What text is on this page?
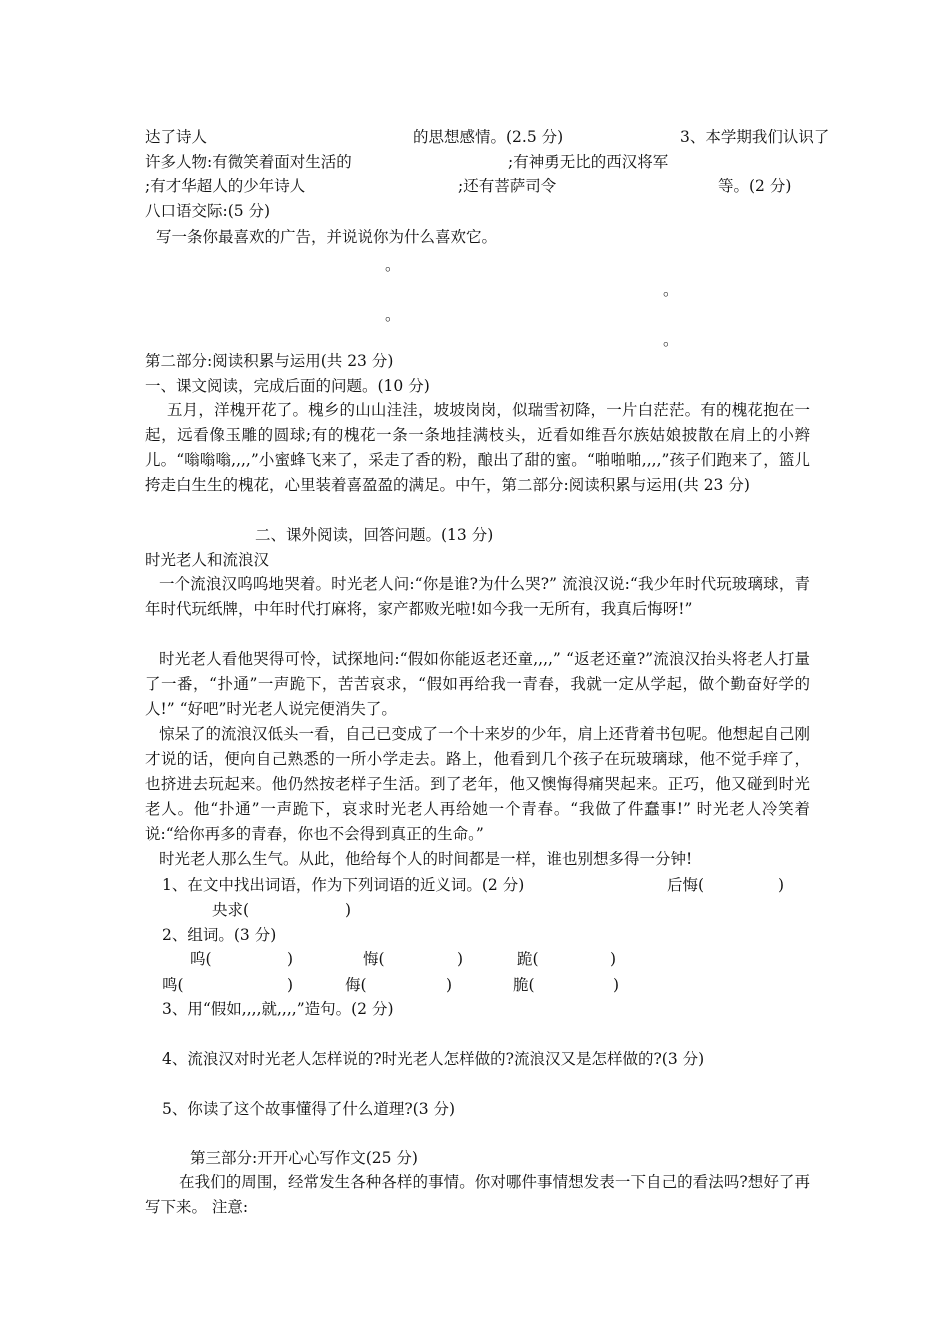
达了诗人	的思想感情。(2.5 分)	3、本学期我们认识了
许多人物:有微笑着面对生活的	;有神勇无比的西汉将军
;有才华超人的少年诗人	;还有菩萨司令	等。(2 分)
八口语交际:(5 分)
写一条你最喜欢的广告，并说说你为什么喜欢它。
。
。
。
。
第二部分:阅读积累与运用(共 23 分)
一、课文阅读，完成后面的问题。(10 分)
五月，洋槐开花了。槐乡的山山洼洼，坡坡岗岗，似瑞雪初降，一片白茫茫。有的槐花抱在一起，远看像玉雕的圆球;有的槐花一条一条地挂满枝头，近看如维吾尔族姑娘披散在肩上的小辫儿。“嗡嗡嗡,,,,”小蜜蜂飞来了，采走了香的粉，酿出了甜的蜜。“啪啪啪,,,,”孩子们跑来了，篮儿挎走白生生的槐花，心里装着喜盈盈的满足。中午，第二部分:阅读积累与运用(共 23 分)
二、课外阅读，回答问题。(13 分)
时光老人和流浪汉
一个流浪汉呜呜地哭着。时光老人问:“你是谁?为什么哭?” 流浪汉说:“我少年时代玩玻璃球，青年时代玩纸牌，中年时代打麻将，家产都败光啦!如今我一无所有，我真后悔呀!”
时光老人看他哭得可怜，试探地问:“假如你能返老还童,,,,” “返老还童?”流浪汉抬头将老人打量了一番，“扑通”一声跪下，苦苦哀求，“假如再给我一青春，我就一定从学起，做个勤奋好学的人!” “好吧”时光老人说完便消失了。
惊呆了的流浪汉低头一看，自己已变成了一个十来岁的少年，肩上还背着书包呢。他想起自己刚才说的话，便向自己熟悉的一所小学走去。路上，他看到几个孩子在玩玻璃球，他不觉手痒了，也挤进去玩起来。他仍然按老样子生活。到了老年，他又懊悔得痛哭起来。正巧，他又碰到时光老人。他“扑通”一声跪下，哀求时光老人再给她一个青春。“我做了件蠢事!” 时光老人冷笑着说:“给你再多的青春，你也不会得到真正的生命。”
时光老人那么生气。从此，他给每个人的时间都是一样，谁也别想多得一分钟!
1、在文中找出词语，作为下列词语的近义词。(2 分)	后悔(	)
央求(	)
2、组词。(3 分)
呜(	)	悔(	)	跪(	)
鸣(	)	侮(	)	脆(	)
3、用“假如,,,,就,,,,”造句。(2 分)
4、流浪汉对时光老人怎样说的?时光老人怎样做的?流浪汉又是怎样做的?(3 分)
5、你读了这个故事懂得了什么道理?(3 分)
第三部分:开开心心写作文(25 分)
在我们的周围，经常发生各种各样的事情。你对哪件事情想发表一下自己的看法吗?想好了再写下来。 注意:
